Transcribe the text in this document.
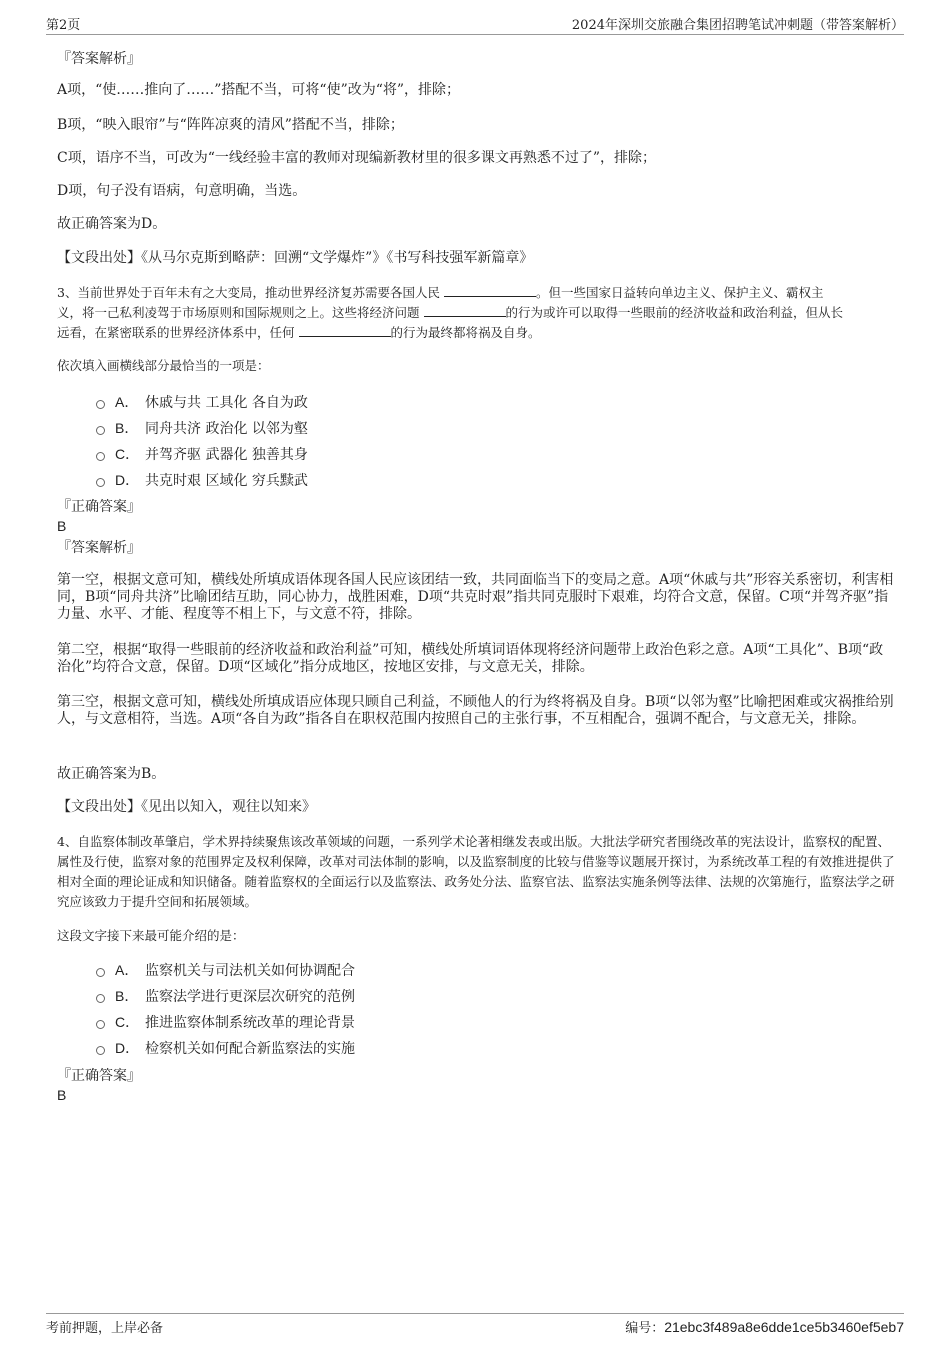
第2页	2024年深圳交旅融合集团招聘笔试冲刺题（带答案解析）

『答案解析』

A项，“使……推向了……”搭配不当，可将“使”改为“将”，排除；

B项，“映入眼帘”与“阵阵凉爽的清风”搭配不当，排除；

C项，语序不当，可改为“一线经验丰富的教师对现编新教材里的很多课文再熟悉不过了”，排除；

D项，句子没有语病，句意明确，当选。

故正确答案为D。

【文段出处】《从马尔克斯到略萨：回溯“文学爆炸”》《书写科技强军新篇章》

3、当前世界处于百年未有之大变局，推动世界经济复苏需要各国人民	。但一些国家日益转向单边主义、保护主义、霸权主
义，将一己私利凌驾于市场原则和国际规则之上。这些将经济问题	的行为或许可以取得一些眼前的经济收益和政治利益，但从长
远看，在紧密联系的世界经济体系中，任何	的行为最终都将祸及自身。

依次填入画横线部分最恰当的一项是：

A． 休戚与共 工具化 各自为政
B． 同舟共济 政治化 以邻为壑
C． 并驾齐驱 武器化 独善其身
D． 共克时艰 区域化 穷兵黩武

『正确答案』

B

『答案解析』

第一空，根据文意可知，横线处所填成语体现各国人民应该团结一致，共同面临当下的变局之意。A项“休戚与共”形容关系密切，利害相同，B项“同舟共济”比喻团结互助，同心协力，战胜困难，D项“共克时艰”指共同克服时下艰难，均符合文意，保留。C项“并驾齐驱”指力量、水平、才能、程度等不相上下，与文意不符，排除。

第二空，根据“取得一些眼前的经济收益和政治利益”可知，横线处所填词语体现将经济问题带上政治色彩之意。A项“工具化”、B项“政治化”均符合文意，保留。D项“区域化”指分成地区，按地区安排，与文意无关，排除。

第三空，根据文意可知，横线处所填成语应体现只顾自己利益，不顾他人的行为终将祸及自身。B项“以邻为壑”比喻把困难或灾祸推给别人，与文意相符，当选。A项“各自为政”指各自在职权范围内按照自己的主张行事，不互相配合，强调不配合，与文意无关，排除。

故正确答案为B。

【文段出处】《见出以知入，观往以知来》

4、自监察体制改革肇启，学术界持续聚焦该改革领域的问题，一系列学术论著相继发表或出版。大批法学研究者围绕改革的宪法设计，监察权的配置、属性及行使，监察对象的范围界定及权利保障，改革对司法体制的影响，以及监察制度的比较与借鉴等议题展开探讨，为系统改革工程的有效推进提供了相对全面的理论证成和知识储备。随着监察权的全面运行以及监察法、政务处分法、监察官法、监察法实施条例等法律、法规的次第施行，监察法学之研究应该致力于提升空间和拓展领域。

这段文字接下来最可能介绍的是：

A． 监察机关与司法机关如何协调配合
B． 监察法学进行更深层次研究的范例
C． 推进监察体制系统改革的理论背景
D． 检察机关如何配合新监察法的实施

『正确答案』

B

考前押题，上岸必备	编号：21ebc3f489a8e6dde1ce5b3460ef5eb7
